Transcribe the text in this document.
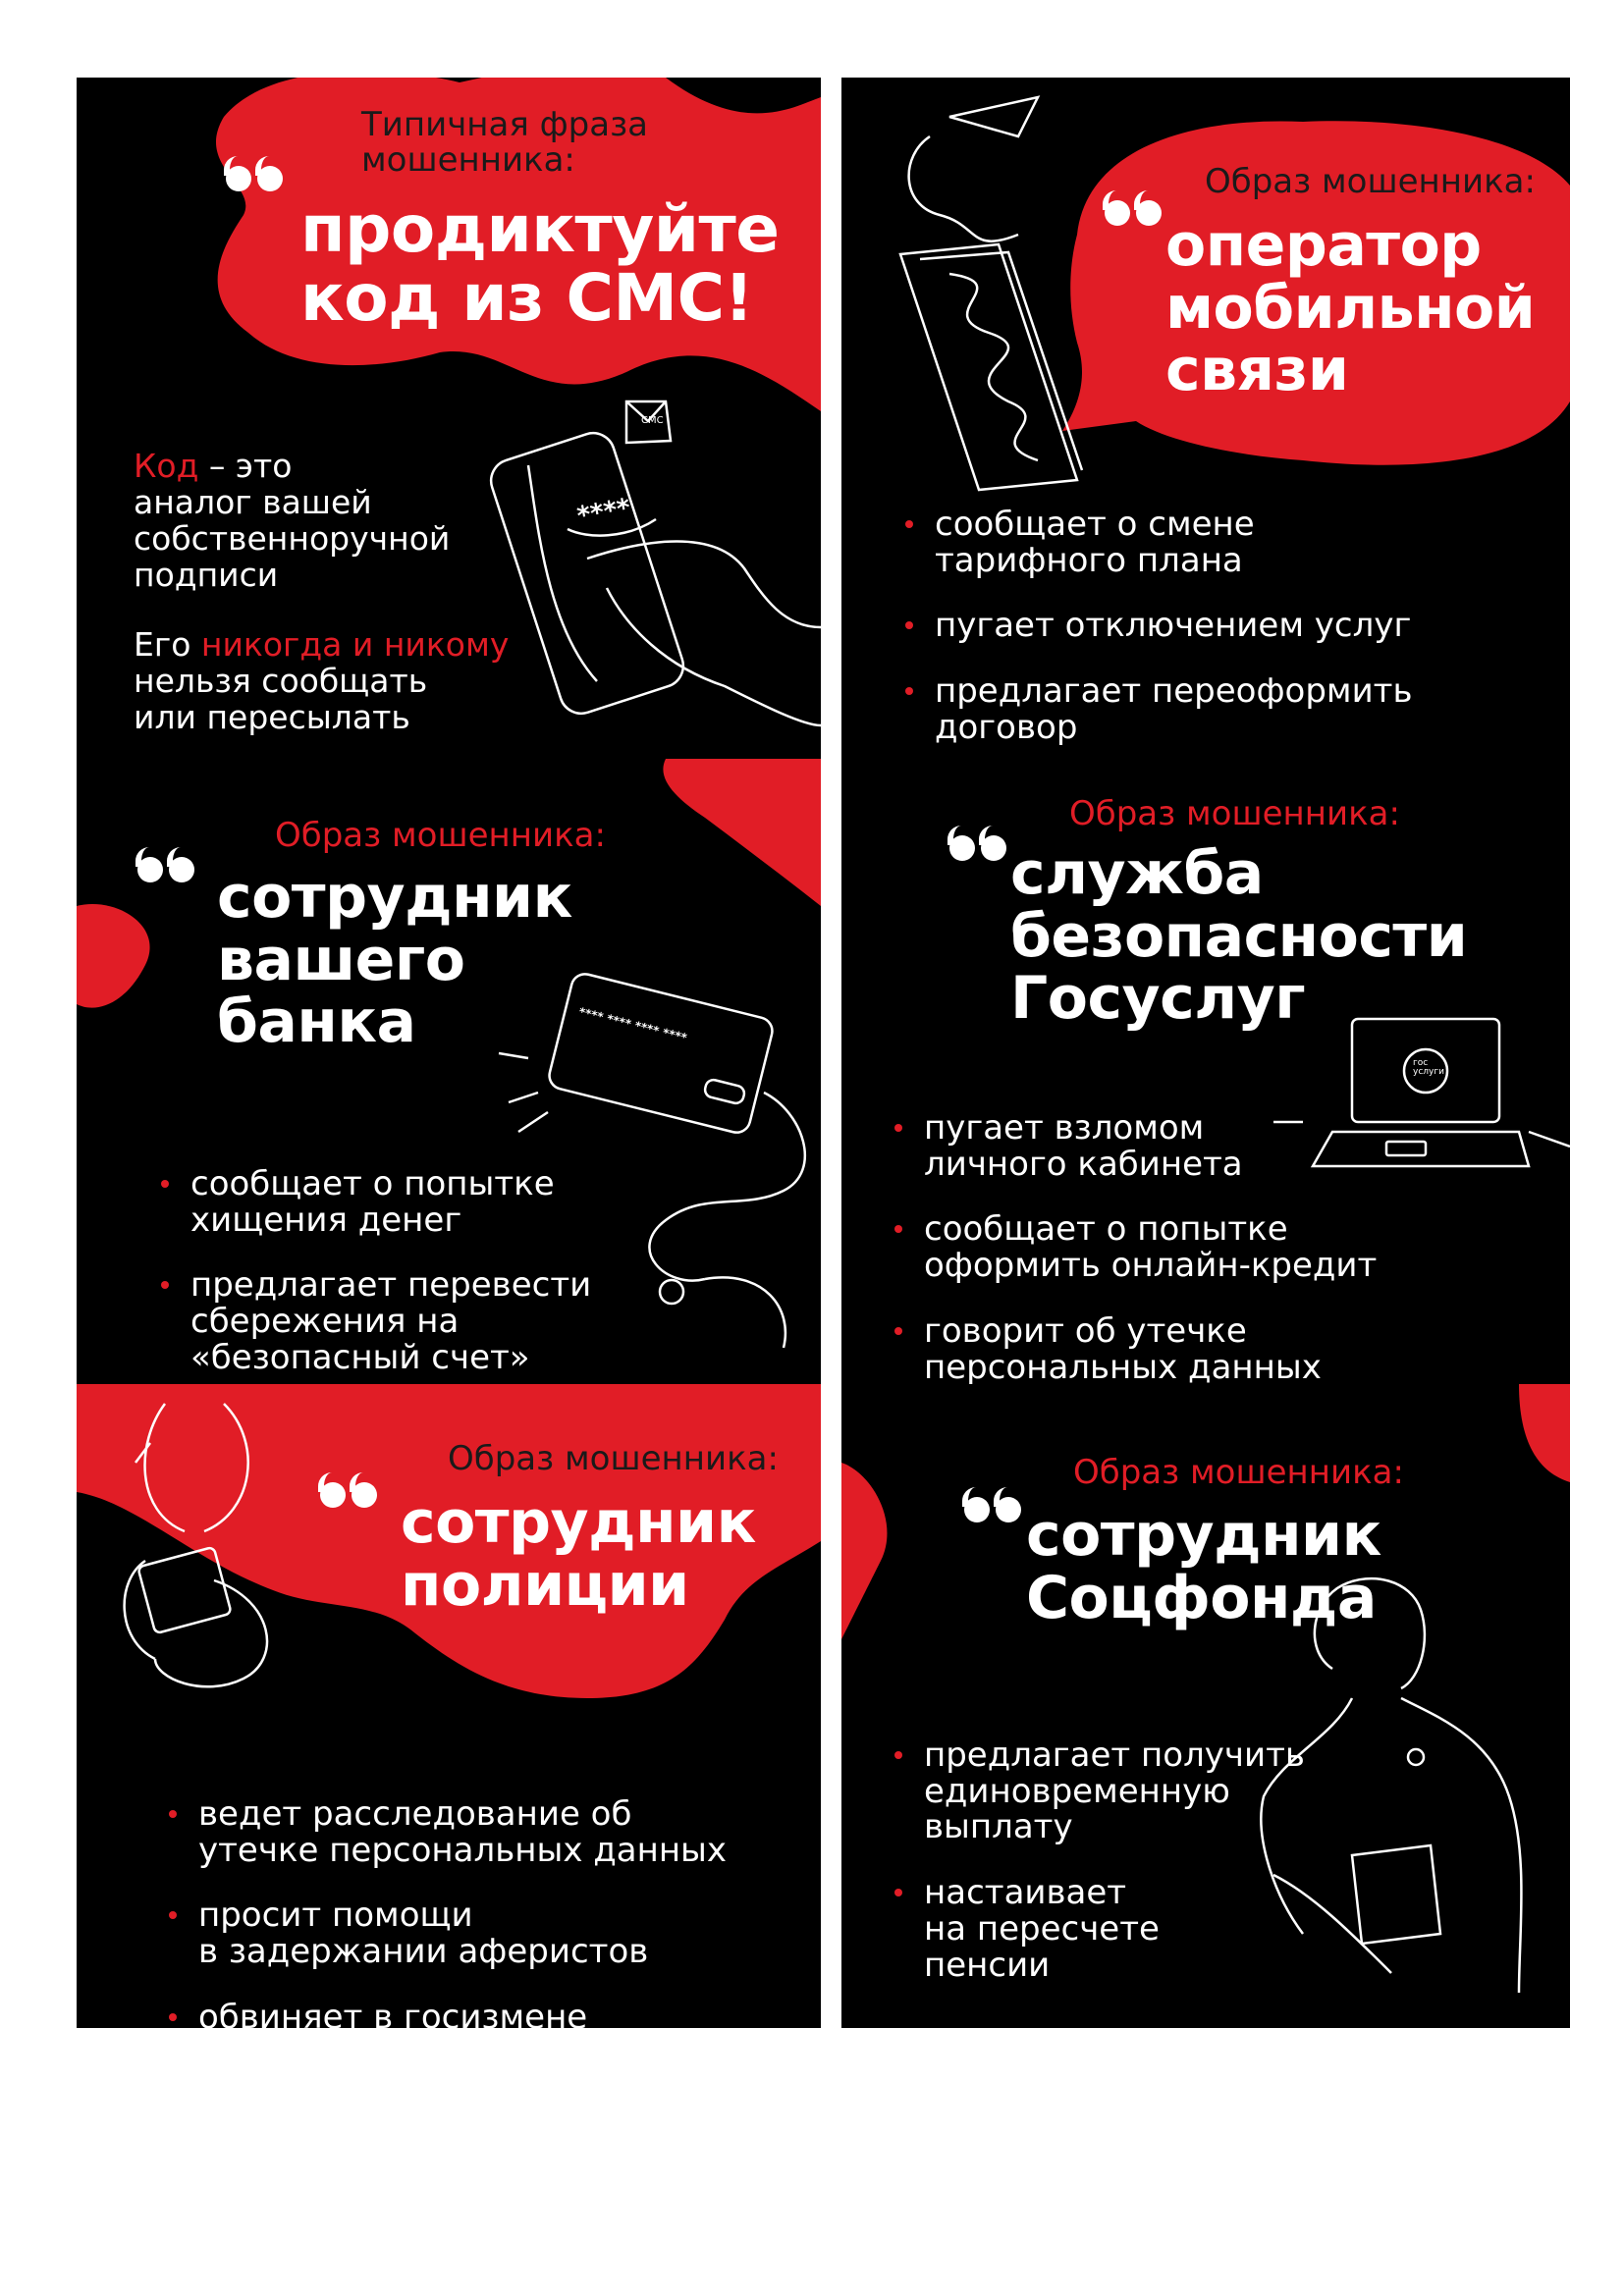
СМС
Типичная фраза
мошенника:
продиктуйте
код из СМС!
Код – это
аналог вашей
собственноручной
подписи
Его никогда и никому
нельзя сообщать
или пересылать
****
Образ мошенника:
оператор
мобильной
связи
сообщает о смене
тарифного плана
пугает отключением услуг
предлагает переоформить
договор
Образ мошенника:
сотрудник
вашего
банка	**** **** **** ****
сообщает о попытке
хищения денег
предлагает перевести
сбережения на
«безопасный счет»
Образ мошенника:
служба
безопасности
Госуслуг
гос
услуги
пугает взломом
личного кабинета
сообщает о попытке
оформить онлайн-кредит
говорит об утечке
персональных данных
Образ мошенника:
сотрудник
полиции
ведет расследование об
утечке персональных данных
просит помощи
в задержании аферистов
обвиняет в госизмене
Образ мошенника:
сотрудник
Соцфонда
предлагает получить
единовременную
выплату
настаивает
на пересчете
пенсии
